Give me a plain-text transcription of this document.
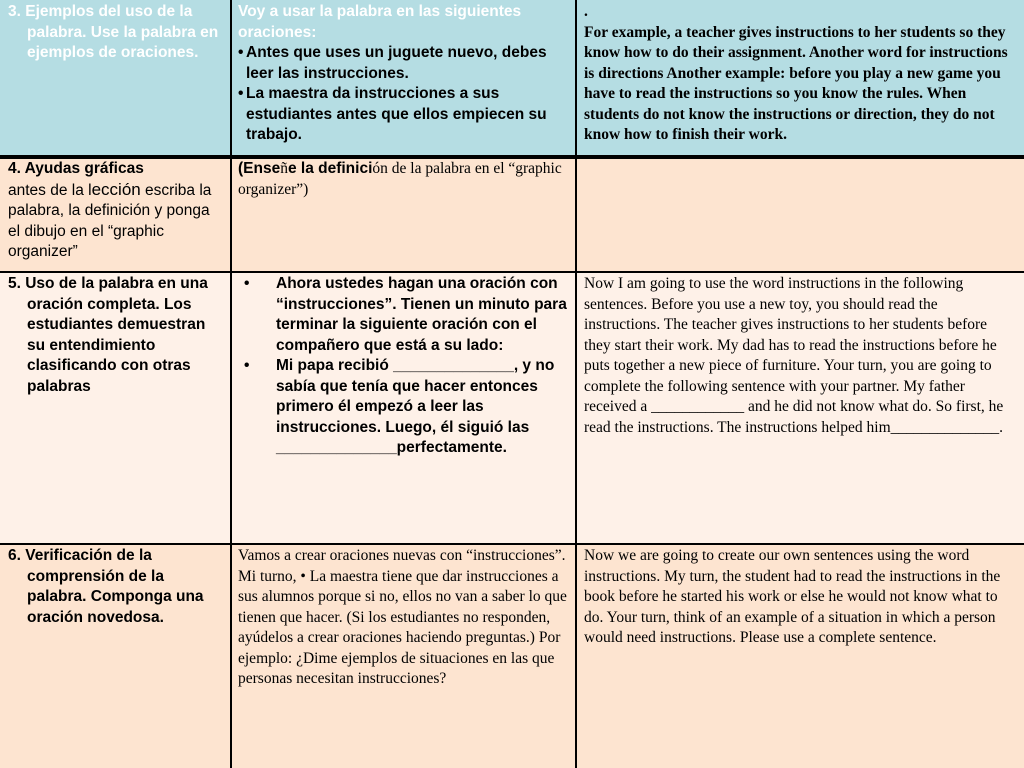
3. Ejemplos del uso de la palabra. Use la palabra en ejemplos de oraciones.

Voy a usar la palabra en las siguientes oraciones:

• Antes que uses un juguete nuevo, debes leer las instrucciones.

• La maestra da instrucciones a sus estudiantes antes que ellos empiecen su trabajo.

.

For example, a teacher gives instructions to her students so they know how to do their assignment. Another word for instructions is directions Another example: before you play a new game you have to read the instructions so you know the rules. When students do not know the instructions or direction, they do not know how to finish their work.

4. Ayudas gráficas

antes de la lección escriba la palabra, la definición y ponga el dibujo en el “graphic organizer”

(Enseñe la definición de la palabra en el “graphic organizer”)

5. Uso de la palabra en una oración completa. Los estudiantes demuestran su entendimiento clasificando con otras palabras

• Ahora ustedes hagan una oración con “instrucciones”. Tienen un minuto para terminar la siguiente oración con el compañero que está a su lado:

• Mi papa recibió ______________, y no sabía que tenía que hacer entonces primero él empezó a leer las instrucciones. Luego, él siguió las ______________perfectamente.

Now I am going to use the word instructions in the following sentences. Before you use a new toy, you should read the instructions. The teacher gives instructions to her students before they start their work. My dad has to read the instructions before he puts together a new piece of furniture. Your turn, you are going to complete the following sentence with your partner. My father received a ____________ and he did not know what do. So first, he read the instructions. The instructions helped him______________.

6. Verificación de la comprensión de la palabra. Componga una oración novedosa.

Vamos a crear oraciones nuevas con “instrucciones”. Mi turno, • La maestra tiene que dar instrucciones a sus alumnos porque si no, ellos no van a saber lo que tienen que hacer. (Si los estudiantes no responden, ayúdelos a crear oraciones haciendo preguntas.) Por ejemplo: ¿Dime ejemplos de situaciones en las que personas necesitan instrucciones?

Now we are going to create our own sentences using the word instructions. My turn, the student had to read the instructions in the book before he started his work or else he would not know what to do. Your turn, think of an example of a situation in which a person would need instructions. Please use a complete sentence.
